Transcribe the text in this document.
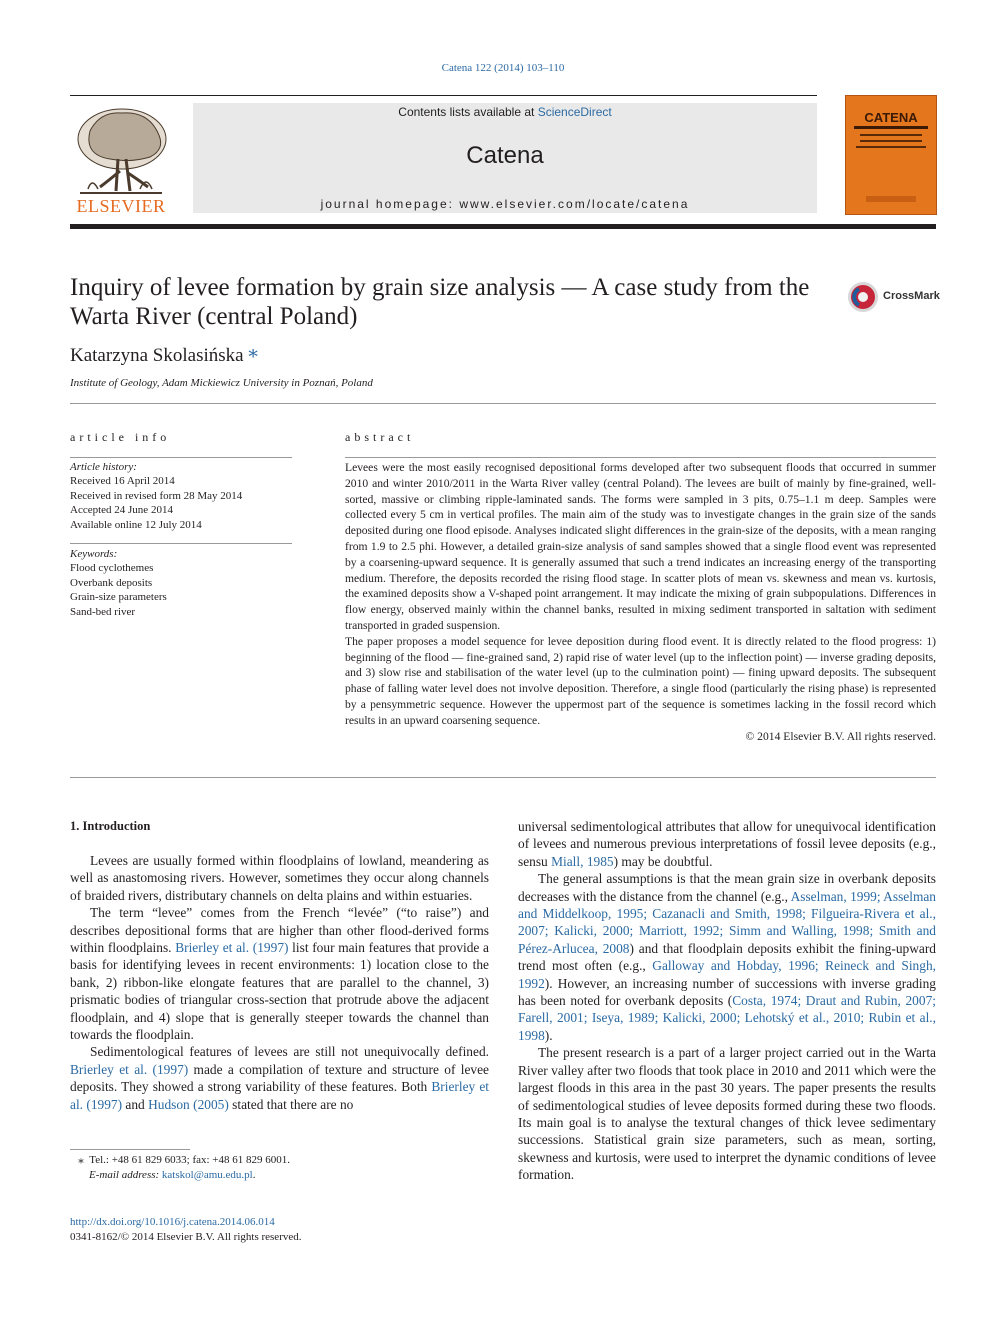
Catena 122 (2014) 103–110
Contents lists available at ScienceDirect
Catena
journal homepage: www.elsevier.com/locate/catena
ELSEVIER
CATENA
Inquiry of levee formation by grain size analysis — A case study from the Warta River (central Poland)
CrossMark
Katarzyna Skolasińska ⁎
Institute of Geology, Adam Mickiewicz University in Poznań, Poland
article info
Article history:
Received 16 April 2014
Received in revised form 28 May 2014
Accepted 24 June 2014
Available online 12 July 2014
Keywords:
Flood cyclothemes
Overbank deposits
Grain-size parameters
Sand-bed river
abstract

Levees were the most easily recognised depositional forms developed after two subsequent floods that occurred in summer 2010 and winter 2010/2011 in the Warta River valley (central Poland). The levees are built of mainly by fine-grained, well-sorted, massive or climbing ripple-laminated sands. The forms were sampled in 3 pits, 0.75–1.1 m deep. Samples were collected every 5 cm in vertical profiles. The main aim of the study was to investigate changes in the grain size of the sands deposited during one flood episode. Analyses indicated slight differences in the grain-size of the deposits, with a mean ranging from 1.9 to 2.5 phi. However, a detailed grain-size analysis of sand samples showed that a single flood event was represented by a coarsening-upward sequence. It is generally assumed that such a trend indicates an increasing energy of the transporting medium. Therefore, the deposits recorded the rising flood stage. In scatter plots of mean vs. skewness and mean vs. kurtosis, the examined deposits show a V-shaped point arrangement. It may indicate the mixing of grain subpopulations. Differences in flow energy, observed mainly within the channel banks, resulted in mixing sediment transported in saltation with sediment transported in graded suspension.

The paper proposes a model sequence for levee deposition during flood event. It is directly related to the flood progress: 1) beginning of the flood — fine-grained sand, 2) rapid rise of water level (up to the inflection point) — inverse grading deposits, and 3) slow rise and stabilisation of the water level (up to the culmination point) — fining upward deposits. The subsequent phase of falling water level does not involve deposition. Therefore, a single flood (particularly the rising phase) is represented by a pensymmetric sequence. However the uppermost part of the sequence is sometimes lacking in the fossil record which results in an upward coarsening sequence.

© 2014 Elsevier B.V. All rights reserved.

1. Introduction

Levees are usually formed within floodplains of lowland, meandering as well as anastomosing rivers. However, sometimes they occur along channels of braided rivers, distributary channels on delta plains and within estuaries.

The term “levee” comes from the French “levée” (“to raise”) and describes depositional forms that are higher than other flood-derived forms within floodplains. Brierley et al. (1997) list four main features that provide a basis for identifying levees in recent environments: 1) location close to the bank, 2) ribbon-like elongate features that are parallel to the channel, 3) prismatic bodies of triangular cross-section that protrude above the adjacent floodplain, and 4) slope that is generally steeper towards the channel than towards the floodplain.

Sedimentological features of levees are still not unequivocally defined. Brierley et al. (1997) made a compilation of texture and structure of levee deposits. They showed a strong variability of these features. Both Brierley et al. (1997) and Hudson (2005) stated that there are no

universal sedimentological attributes that allow for unequivocal identification of levees and numerous previous interpretations of fossil levee deposits (e.g., sensu Miall, 1985) may be doubtful.

The general assumptions is that the mean grain size in overbank deposits decreases with the distance from the channel (e.g., Asselman, 1999; Asselman and Middelkoop, 1995; Cazanacli and Smith, 1998; Filgueira-Rivera et al., 2007; Kalicki, 2000; Marriott, 1992; Simm and Walling, 1998; Smith and Pérez-Arlucea, 2008) and that floodplain deposits exhibit the fining-upward trend most often (e.g., Galloway and Hobday, 1996; Reineck and Singh, 1992). However, an increasing number of successions with inverse grading has been noted for overbank deposits (Costa, 1974; Draut and Rubin, 2007; Farell, 2001; Iseya, 1989; Kalicki, 2000; Lehotský et al., 2010; Rubin et al., 1998).

The present research is a part of a larger project carried out in the Warta River valley after two floods that took place in 2010 and 2011 which were the largest floods in this area in the past 30 years. The paper presents the results of sedimentological studies of levee deposits formed during these two floods. Its main goal is to analyse the textural changes of thick levee sedimentary successions. Statistical grain size parameters, such as mean, sorting, skewness and kurtosis, were used to interpret the dynamic conditions of levee formation.

⁎ Tel.: +48 61 829 6033; fax: +48 61 829 6001.
E-mail address: katskol@amu.edu.pl.
http://dx.doi.org/10.1016/j.catena.2014.06.014
0341-8162/© 2014 Elsevier B.V. All rights reserved.
